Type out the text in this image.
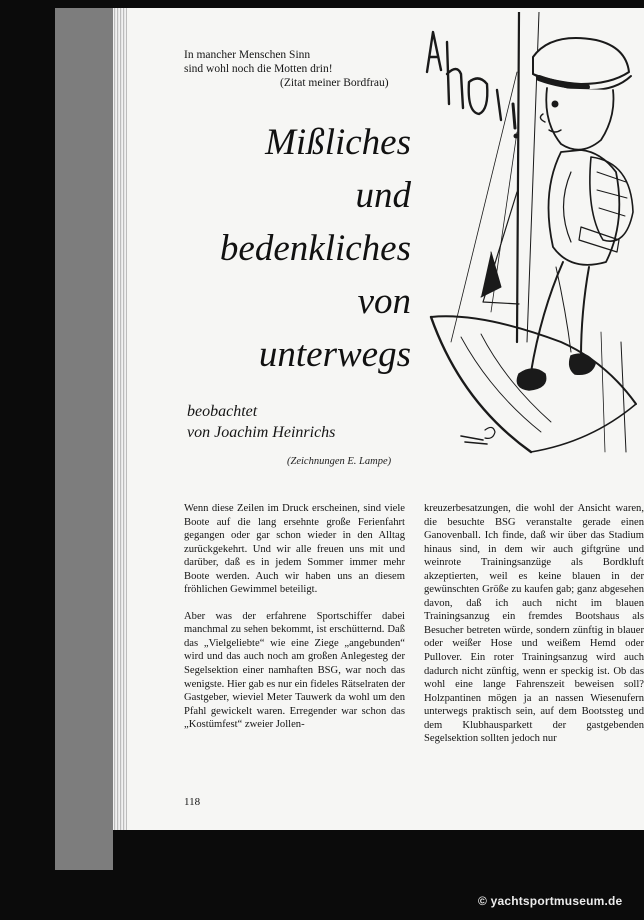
In mancher Menschen Sinn
sind wohl noch die Motten drin!
(Zitat meiner Bordfrau)
Mißliches
und
bedenkliches
von
unterwegs
beobachtet
von Joachim Heinrichs
(Zeichnungen E. Lampe)

Wenn diese Zeilen im Druck erscheinen, sind viele Boote auf die lang ersehnte große Ferienfahrt gegangen oder gar schon wieder in den Alltag zurückgekehrt. Und wir alle freuen uns mit und darüber, daß es in jedem Sommer immer mehr Boote werden. Auch wir haben uns an diesem fröhlichen Gewimmel beteiligt.

Aber was der erfahrene Sportschiffer dabei manchmal zu sehen bekommt, ist erschütternd. Daß das „Vielgeliebte“ wie eine Ziege „angebunden“ wird und das auch noch am großen Anlegesteg der Segelsektion einer namhaften BSG, war noch das wenigste. Hier gab es nur ein fideles Rätselraten der Gastgeber, wieviel Meter Tauwerk da wohl um den Pfahl gewickelt waren. Erregender war schon das „Kostümfest“ zweier Jollen-

kreuzerbesatzungen, die wohl der Ansicht waren, die besuchte BSG veranstalte gerade einen Ganovenball. Ich finde, daß wir über das Stadium hinaus sind, in dem wir auch giftgrüne und weinrote Trainingsanzüge als Bordkluft akzeptierten, weil es keine blauen in der gewünschten Größe zu kaufen gab; ganz abgesehen davon, daß ich auch nicht im blauen Trainingsanzug ein fremdes Bootshaus als Besucher betreten würde, sondern zünftig in blauer oder weißer Hose und weißem Hemd oder Pullover. Ein roter Trainingsanzug wird auch dadurch nicht zünftig, wenn er speckig ist. Ob das wohl eine lange Fahrenszeit beweisen soll? Holzpantinen mögen ja an nassen Wiesenufern unterwegs praktisch sein, auf dem Bootssteg und dem Klubhausparkett der gastgebenden Segelsektion sollten jedoch nur

118
© yachtsportmuseum.de
